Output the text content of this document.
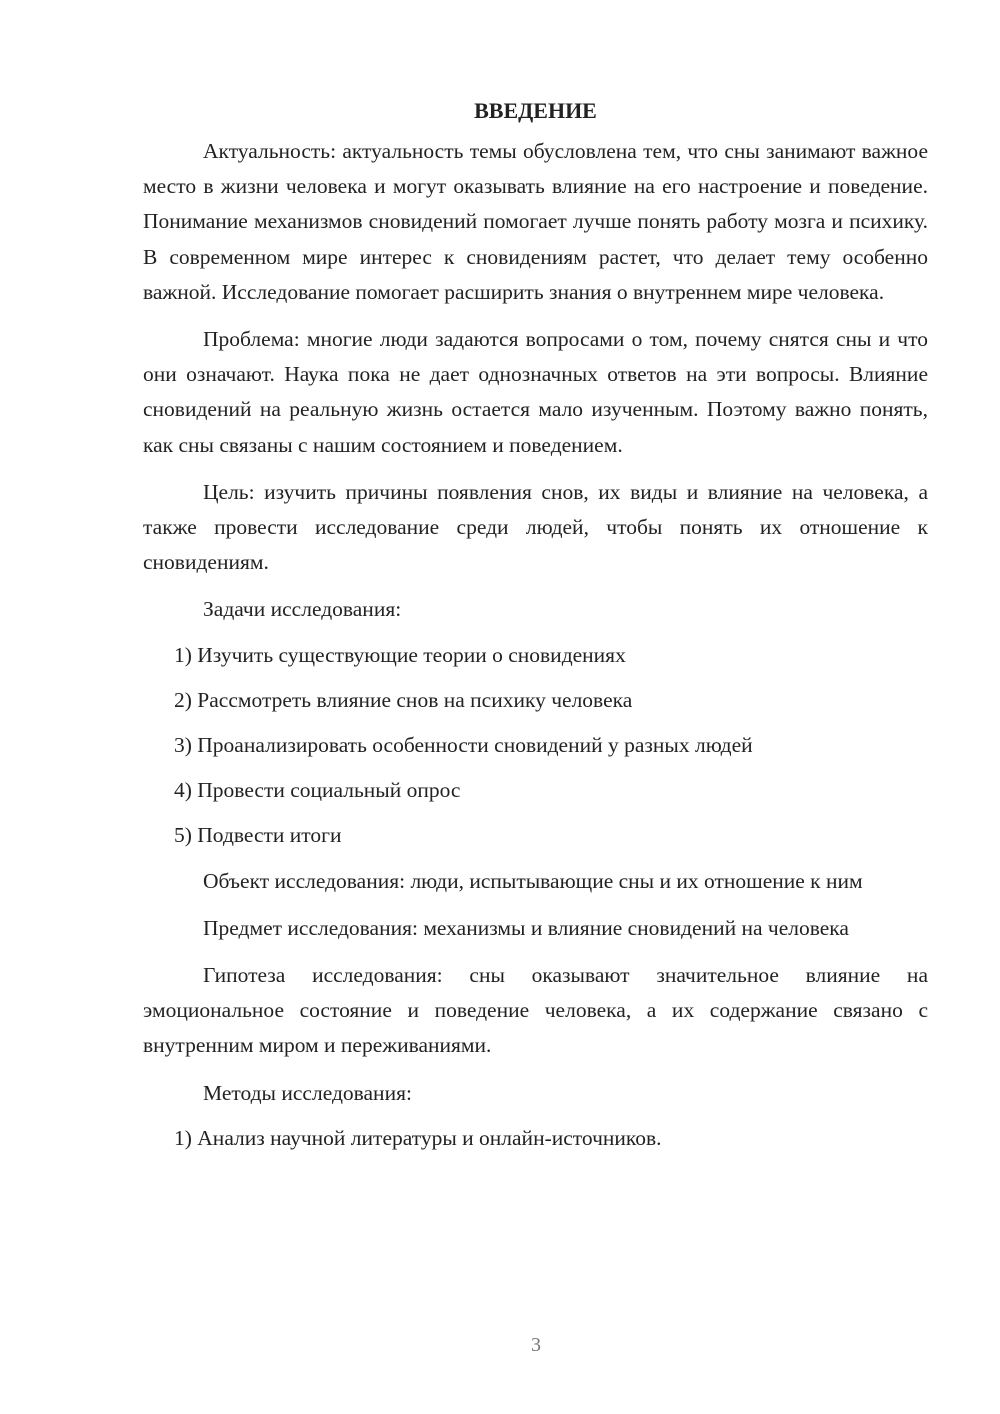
ВВЕДЕНИЕ

Актуальность: актуальность темы обусловлена тем, что сны занимают важное место в жизни человека и могут оказывать влияние на его настроение и поведение. Понимание механизмов сновидений помогает лучше понять работу мозга и психику. В современном мире интерес к сновидениям растет, что делает тему особенно важной. Исследование помогает расширить знания о внутреннем мире человека.

Проблема: многие люди задаются вопросами о том, почему снятся сны и что они означают. Наука пока не дает однозначных ответов на эти вопросы. Влияние сновидений на реальную жизнь остается мало изученным. Поэтому важно понять, как сны связаны с нашим состоянием и поведением.

Цель: изучить причины появления снов, их виды и влияние на человека, а также провести исследование среди людей, чтобы понять их отношение к сновидениям.

Задачи исследования:

1) Изучить существующие теории о сновидениях
2) Рассмотреть влияние снов на психику человека
3) Проанализировать особенности сновидений у разных людей
4) Провести социальный опрос
5) Подвести итоги

Объект исследования: люди, испытывающие сны и их отношение к ним

Предмет исследования: механизмы и влияние сновидений на человека

Гипотеза исследования: сны оказывают значительное влияние на эмоциональное состояние и поведение человека, а их содержание связано с внутренним миром и переживаниями.

Методы исследования:

1) Анализ научной литературы и онлайн-источников.
3
